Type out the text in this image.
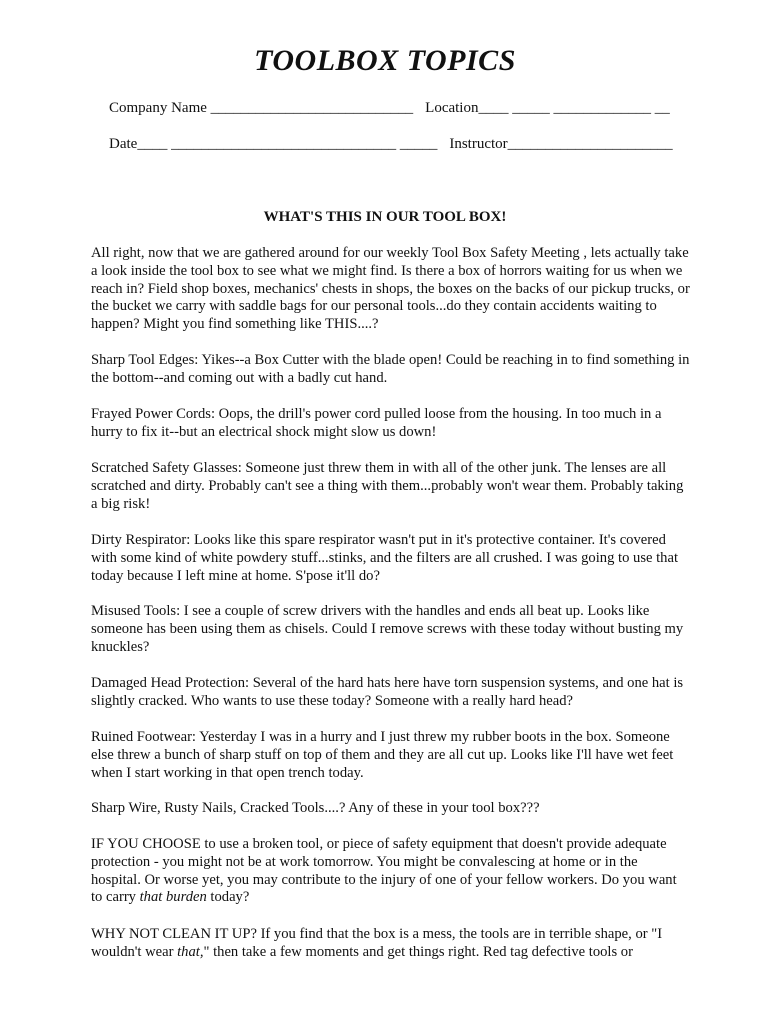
TOOLBOX TOPICS
Company Name ___________________________ Location____ _____ _____________ __
Date____ ______________________________ _____ Instructor______________________
WHAT'S THIS IN OUR TOOL BOX!

All right, now that we are gathered around for our weekly Tool Box Safety Meeting , lets actually take a look inside the tool box to see what we might find. Is there a box of horrors waiting for us when we reach in? Field shop boxes, mechanics' chests in shops, the boxes on the backs of our pickup trucks, or the bucket we carry with saddle bags for our personal tools...do they contain accidents waiting to happen? Might you find something like THIS....?

Sharp Tool Edges: Yikes--a Box Cutter with the blade open! Could be reaching in to find something in the bottom--and coming out with a badly cut hand.

Frayed Power Cords: Oops, the drill's power cord pulled loose from the housing. In too much in a hurry to fix it--but an electrical shock might slow us down!

Scratched Safety Glasses: Someone just threw them in with all of the other junk. The lenses are all scratched and dirty. Probably can't see a thing with them...probably won't wear them. Probably taking a big risk!

Dirty Respirator: Looks like this spare respirator wasn't put in it's protective container. It's covered with some kind of white powdery stuff...stinks, and the filters are all crushed. I was going to use that today because I left mine at home. S'pose it'll do?

Misused Tools: I see a couple of screw drivers with the handles and ends all beat up. Looks like someone has been using them as chisels. Could I remove screws with these today without busting my knuckles?

Damaged Head Protection: Several of the hard hats here have torn suspension systems, and one hat is slightly cracked. Who wants to use these today? Someone with a really hard head?

Ruined Footwear: Yesterday I was in a hurry and I just threw my rubber boots in the box. Someone else threw a bunch of sharp stuff on top of them and they are all cut up. Looks like I'll have wet feet when I start working in that open trench today.

Sharp Wire, Rusty Nails, Cracked Tools....? Any of these in your tool box???

IF YOU CHOOSE to use a broken tool, or piece of safety equipment that doesn't provide adequate protection - you might not be at work tomorrow. You might be convalescing at home or in the hospital. Or worse yet, you may contribute to the injury of one of your fellow workers. Do you want to carry that burden today?

WHY NOT CLEAN IT UP? If you find that the box is a mess, the tools are in terrible shape, or "I wouldn't wear that," then take a few moments and get things right. Red tag defective tools or
